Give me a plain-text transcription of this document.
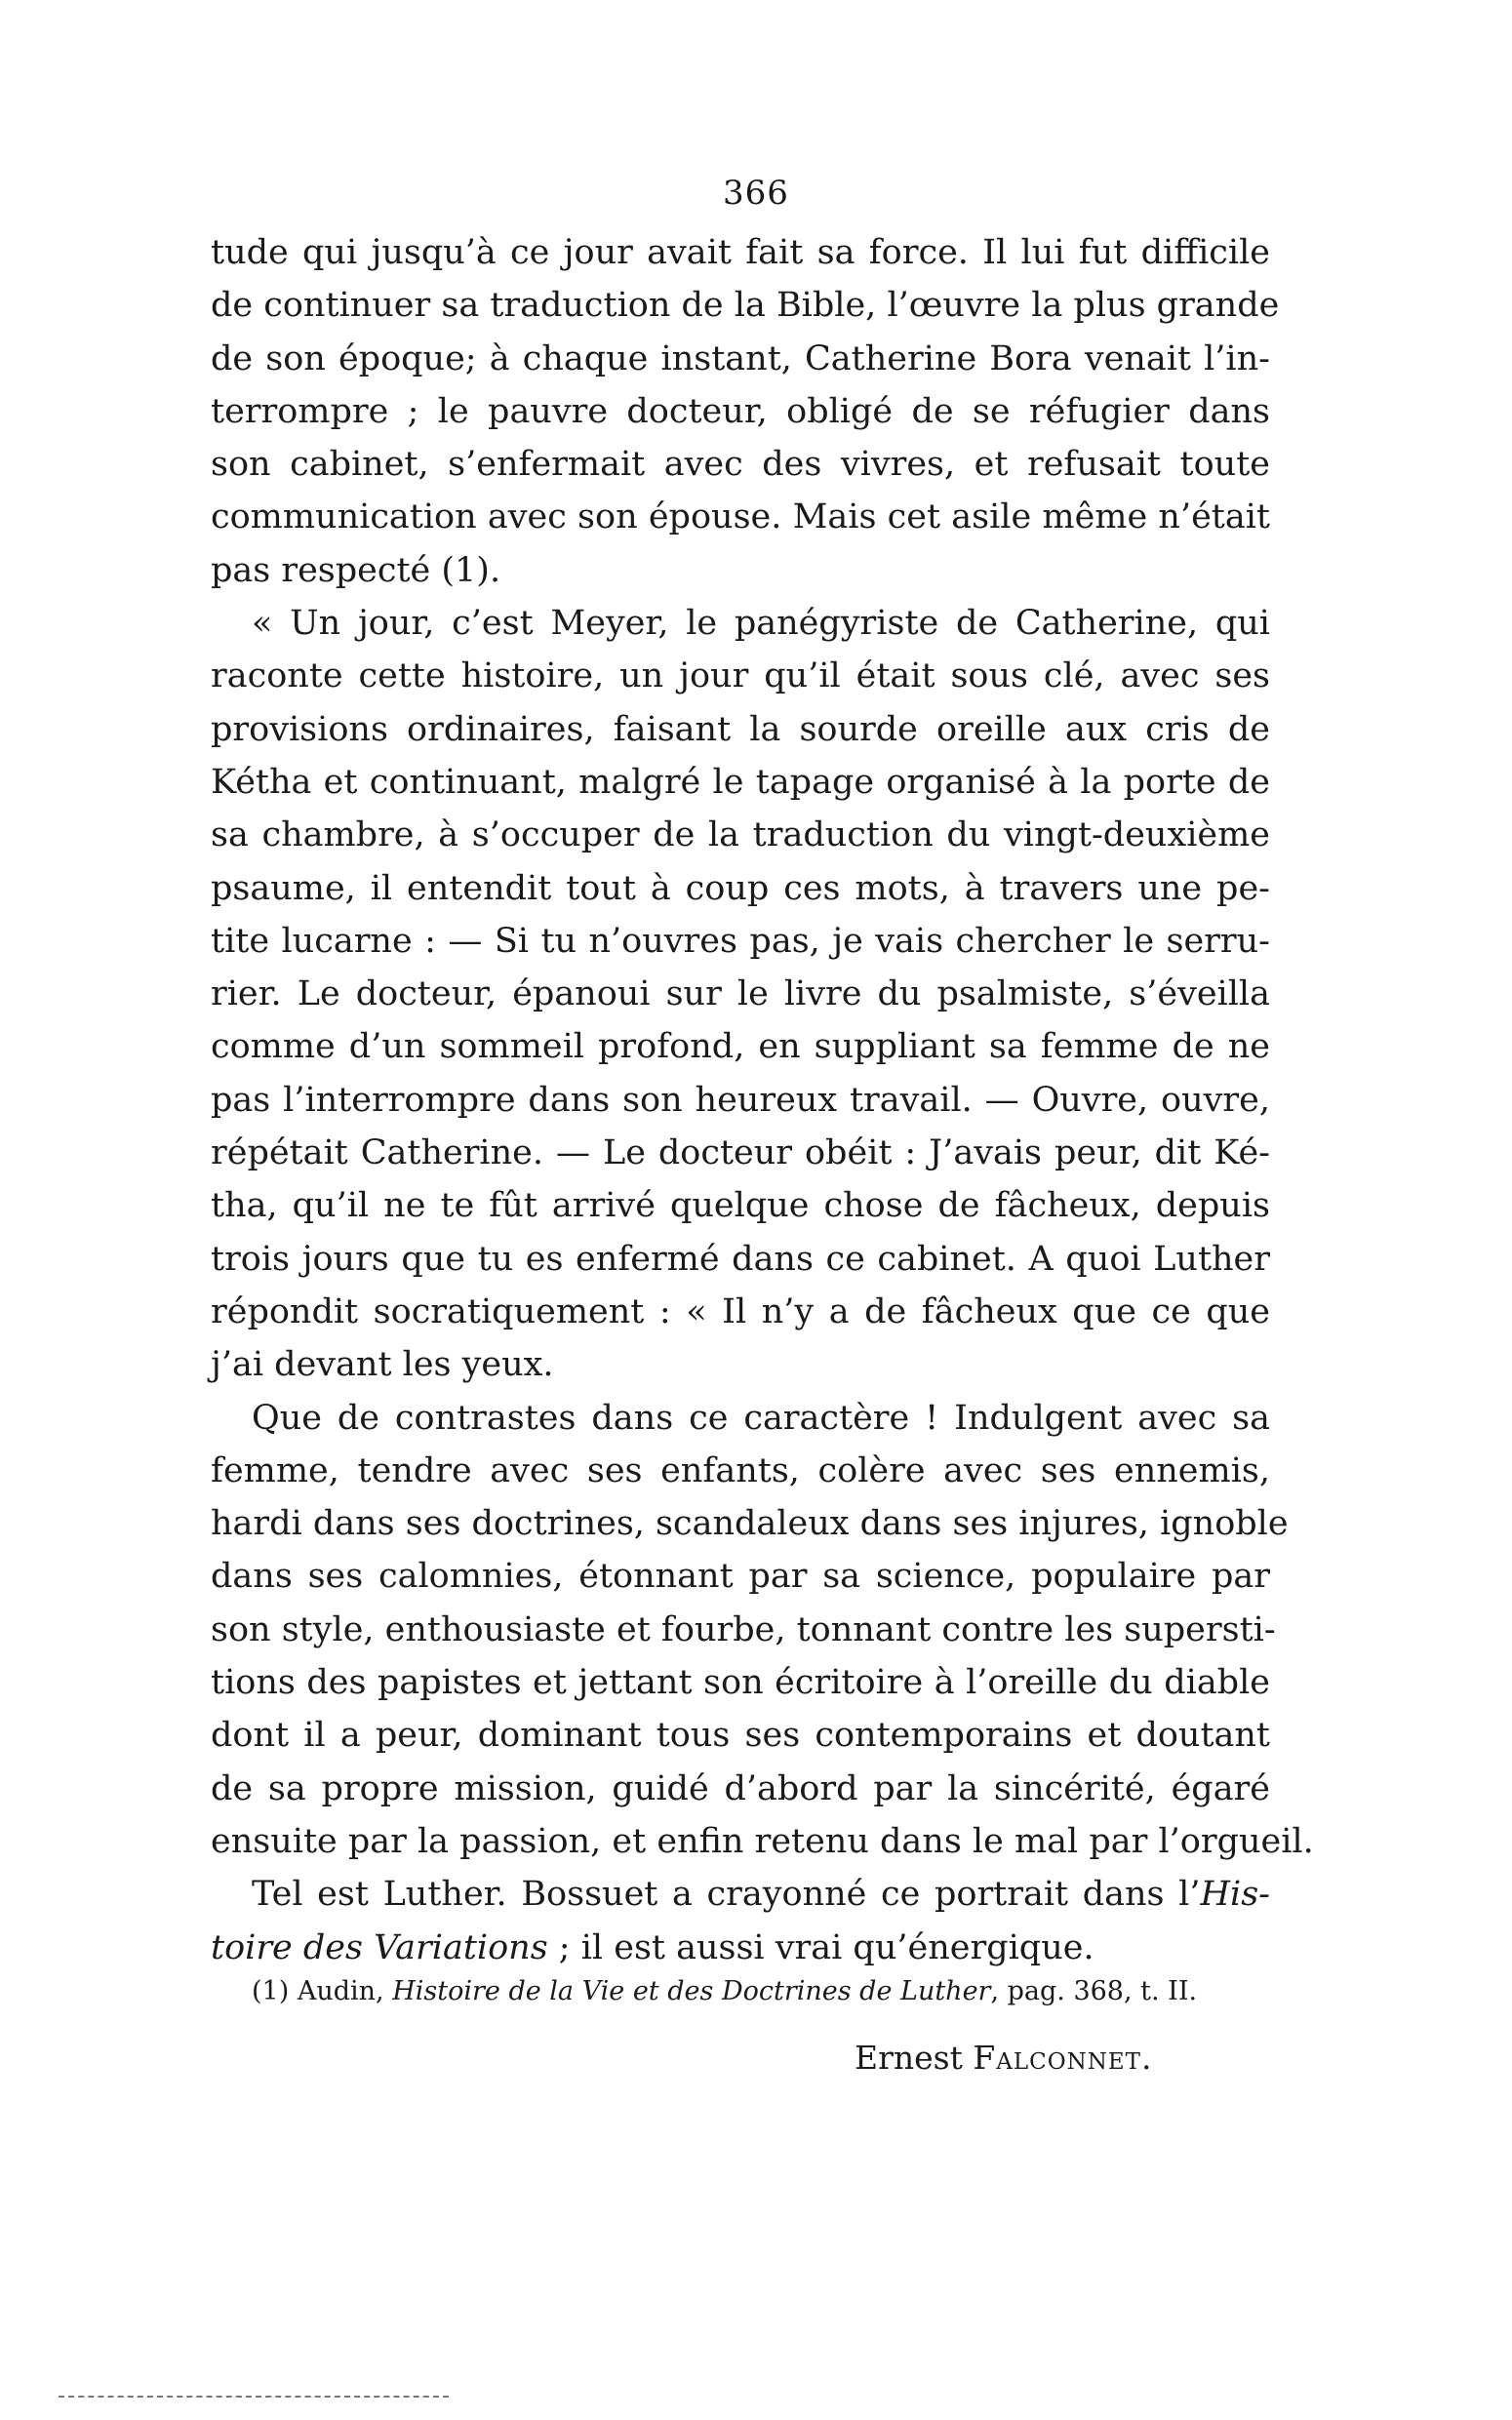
366
tude qui jusqu’à ce jour avait fait sa force. Il lui fut difficile
de continuer sa traduction de la Bible, l’œuvre la plus grande
de son époque; à chaque instant, Catherine Bora venait l’in-
terrompre ; le pauvre docteur, obligé de se réfugier dans
son cabinet, s’enfermait avec des vivres, et refusait toute
communication avec son épouse. Mais cet asile même n’était
pas respecté (1).
« Un jour, c’est Meyer, le panégyriste de Catherine, qui
raconte cette histoire, un jour qu’il était sous clé, avec ses
provisions ordinaires, faisant la sourde oreille aux cris de
Kétha et continuant, malgré le tapage organisé à la porte de
sa chambre, à s’occuper de la traduction du vingt-deuxième
psaume, il entendit tout à coup ces mots, à travers une pe-
tite lucarne : — Si tu n’ouvres pas, je vais chercher le serru-
rier. Le docteur, épanoui sur le livre du psalmiste, s’éveilla
comme d’un sommeil profond, en suppliant sa femme de ne
pas l’interrompre dans son heureux travail. — Ouvre, ouvre,
répétait Catherine. — Le docteur obéit : J’avais peur, dit Ké-
tha, qu’il ne te fût arrivé quelque chose de fâcheux, depuis
trois jours que tu es enfermé dans ce cabinet. A quoi Luther
répondit socratiquement : « Il n’y a de fâcheux que ce que
j’ai devant les yeux.
Que de contrastes dans ce caractère ! Indulgent avec sa
femme, tendre avec ses enfants, colère avec ses ennemis,
hardi dans ses doctrines, scandaleux dans ses injures, ignoble
dans ses calomnies, étonnant par sa science, populaire par
son style, enthousiaste et fourbe, tonnant contre les supersti-
tions des papistes et jettant son écritoire à l’oreille du diable
dont il a peur, dominant tous ses contemporains et doutant
de sa propre mission, guidé d’abord par la sincérité, égaré
ensuite par la passion, et enfin retenu dans le mal par l’orgueil.
Tel est Luther. Bossuet a crayonné ce portrait dans l’His-
toire des Variations ; il est aussi vrai qu’énergique.
(1) Audin, Histoire de la Vie et des Doctrines de Luther, pag. 368, t. II.
Ernest Falconnet.
